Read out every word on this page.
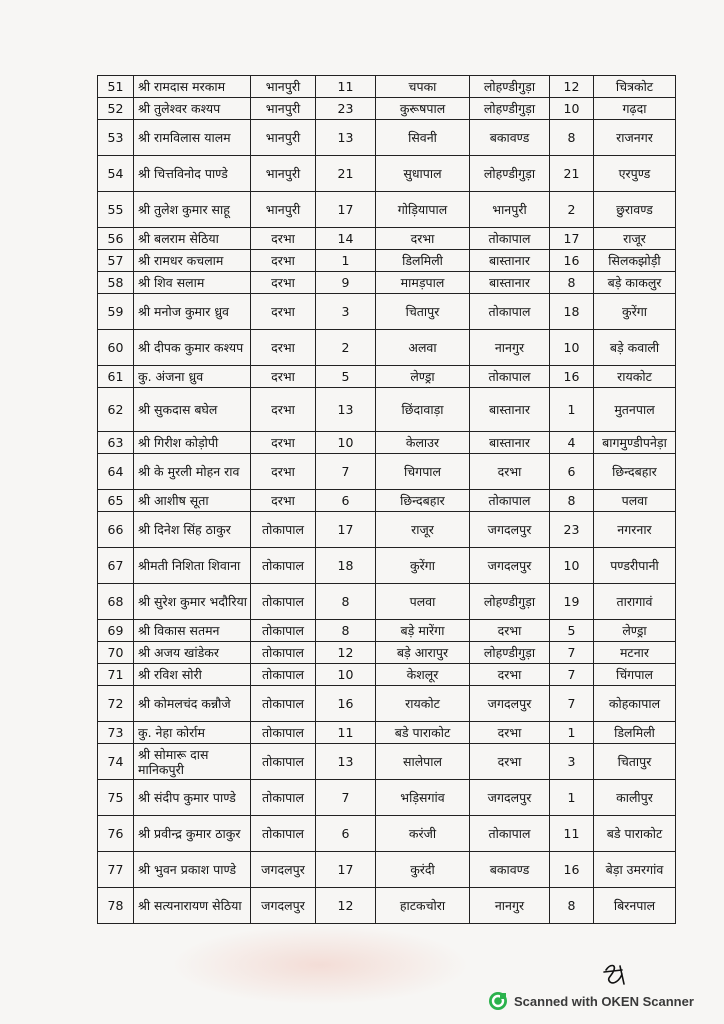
51	श्री रामदास मरकाम	भानपुरी	11	चपका	लोहण्डीगुड़ा	12	चित्रकोट
52	श्री तुलेश्वर कश्यप	भानपुरी	23	कुरूषपाल	लोहण्डीगुड़ा	10	गढ़दा
53	श्री रामविलास यालम	भानपुरी	13	सिवनी	बकावण्ड	8	राजनगर
54	श्री चित्तविनोद पाण्डे	भानपुरी	21	सुधापाल	लोहण्डीगुड़ा	21	एरपुण्ड
55	श्री तुलेश कुमार साहू	भानपुरी	17	गोड़ियापाल	भानपुरी	2	छुरावण्ड
56	श्री बलराम सेठिया	दरभा	14	दरभा	तोकापाल	17	राजूर
57	श्री रामधर कचलाम	दरभा	1	डिलमिली	बास्तानार	16	सिलकझोड़ी
58	श्री शिव सलाम	दरभा	9	मामड़पाल	बास्तानार	8	बड़े काकलुर
59	श्री मनोज कुमार ध्रुव	दरभा	3	चितापुर	तोकापाल	18	कुरेंगा
60	श्री दीपक कुमार कश्यप	दरभा	2	अलवा	नानगुर	10	बड़े कवाली
61	कु. अंजना ध्रुव	दरभा	5	लेण्ड्रा	तोकापाल	16	रायकोट
62	श्री सुकदास बघेल	दरभा	13	छिंदावाड़ा	बास्तानार	1	मुतनपाल
63	श्री गिरीश कोड़ोपी	दरभा	10	केलाउर	बास्तानार	4	बागमुण्डीपनेड़ा
64	श्री के मुरली मोहन राव	दरभा	7	चिगपाल	दरभा	6	छिन्दबहार
65	श्री आशीष सूता	दरभा	6	छिन्दबहार	तोकापाल	8	पलवा
66	श्री दिनेश सिंह ठाकुर	तोकापाल	17	राजूर	जगदलपुर	23	नगरनार
67	श्रीमती निशिता शिवाना	तोकापाल	18	कुरेंगा	जगदलपुर	10	पण्डरीपानी
68	श्री सुरेश कुमार भदौरिया	तोकापाल	8	पलवा	लोहण्डीगुड़ा	19	तारागावं
69	श्री विकास सतमन	तोकापाल	8	बड़े मारेंगा	दरभा	5	लेण्ड्रा
70	श्री अजय खांडेकर	तोकापाल	12	बड़े आरापुर	लोहण्डीगुड़ा	7	मटनार
71	श्री रविश सोरी	तोकापाल	10	केशलूर	दरभा	7	चिंगपाल
72	श्री कोमलचंद कन्नौजे	तोकापाल	16	रायकोट	जगदलपुर	7	कोहकापाल
73	कु. नेहा कोर्राम	तोकापाल	11	बडे पाराकोट	दरभा	1	डिलमिली
74	श्री सोमारू दास मानिकपुरी	तोकापाल	13	सालेपाल	दरभा	3	चितापुर
75	श्री संदीप कुमार पाण्डे	तोकापाल	7	भड़िसगांव	जगदलपुर	1	कालीपुर
76	श्री प्रवीन्द्र कुमार ठाकुर	तोकापाल	6	करंजी	तोकापाल	11	बडे पाराकोट
77	श्री भुवन प्रकाश पाण्डे	जगदलपुर	17	कुरंदी	बकावण्ड	16	बेड़ा उमरगांव
78	श्री सत्यनारायण सेठिया	जगदलपुर	12	हाटकचोरा	नानगुर	8	बिरनपाल
Scanned with OKEN Scanner
